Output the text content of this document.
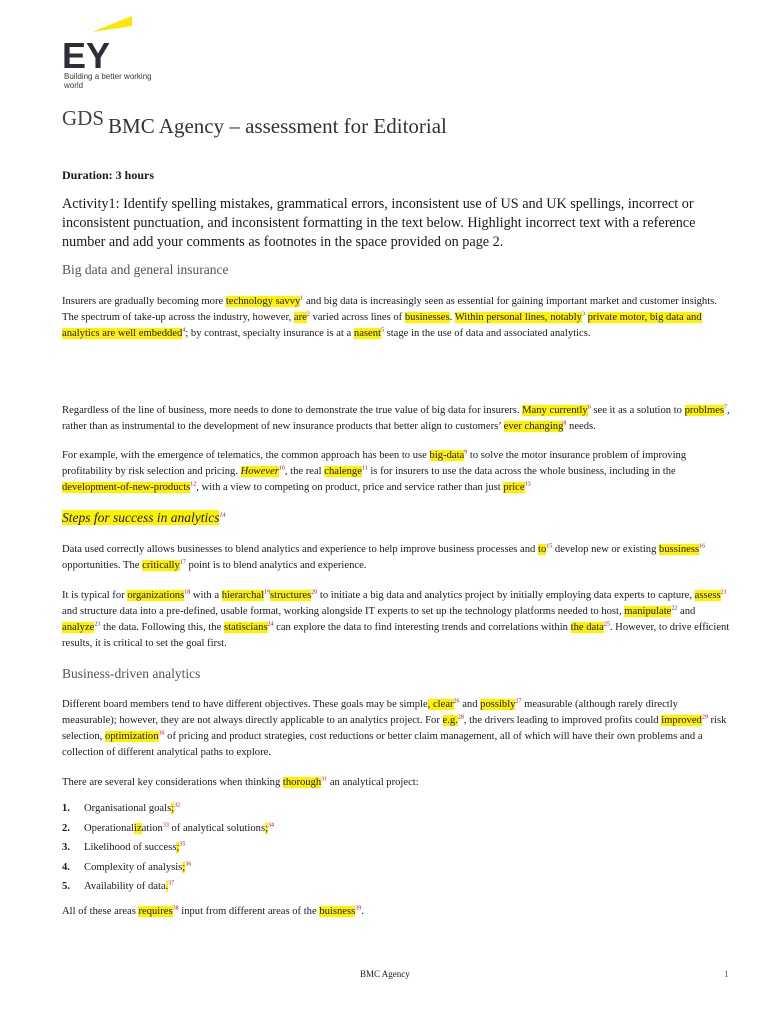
EY
Building a better working world
GDS BMC Agency – assessment for Editorial
Duration: 3 hours
Activity1: Identify spelling mistakes, grammatical errors, inconsistent use of US and UK spellings, incorrect or inconsistent punctuation, and inconsistent formatting in the text below. Highlight incorrect text with a reference number and add your comments as footnotes in the space provided on page 2.
Big data and general insurance
Insurers are gradually becoming more technology savvy$^1$ and big data is increasingly seen as essential for gaining important market and customer insights. The spectrum of take-up across the industry, however, are$^2$ varied across lines of businesses. Within personal lines, notably$^3$ private motor, big data and analytics are well embedded$^4$; by contrast, specialty insurance is at a nasent$^5$ stage in the use of data and associated analytics.
Regardless of the line of business, more needs to done to demonstrate the true value of big data for insurers. Many currently$^6$ see it as a solution to problmes$^7$, rather than as instrumental to the development of new insurance products that better align to customers’ ever changing$^8$ needs.
For example, with the emergence of telematics, the common approach has been to use big-data$^9$ to solve the motor insurance problem of improving profitability by risk selection and pricing. However$^{10}$, the real chalenge$^{11}$ is for insurers to use the data across the whole business, including in the development-of-new-products$^{12}$, with a view to competing on product, price and service rather than just price$^{13}$
Steps for success in analytics$^{14}$
Data used correctly allows businesses to blend analytics and experience to help improve business processes and to$^{15}$ develop new or existing bussiness$^{16}$ opportunities. The critically$^{17}$ point is to blend analytics and experience.
It is typical for organizations$^{18}$ with a hierarchal$^{19}$structures$^{20}$ to initiate a big data and analytics project by initially employing data experts to capture, assess$^{21}$ and structure data into a pre-defined, usable format, working alongside IT experts to set up the technology platforms needed to host, manipulate$^{22}$ and analyze$^{23}$ the data. Following this, the statiscians$^{24}$ can explore the data to find interesting trends and correlations within the data$^{25}$. However, to drive efficient results, it is critical to set the goal first.
Business-driven analytics
Different board members tend to have different objectives. These goals may be simple, clear$^{26}$ and possibly$^{27}$ measurable (although rarely directly measurable); however, they are not always directly applicable to an analytics project. For e.g.$^{28}$, the drivers leading to improved profits could improved$^{29}$ risk selection, optimization$^{30}$ of pricing and product strategies, cost reductions or better claim management, all of which will have their own problems and a collection of different analytical paths to explore.
There are several key considerations when thinking thorough$^{31}$ an analytical project:
1. Organisational goals;$^{32}$
2. Operationalization$^{33}$ of analytical solutions;$^{34}$
3. Likelihood of success;$^{35}$
4. Complexity of analysis;$^{36}$
5. Availability of data.$^{37}$
All of these areas requires$^{38}$ input from different areas of the buisness$^{39}$.
BMC Agency	1
